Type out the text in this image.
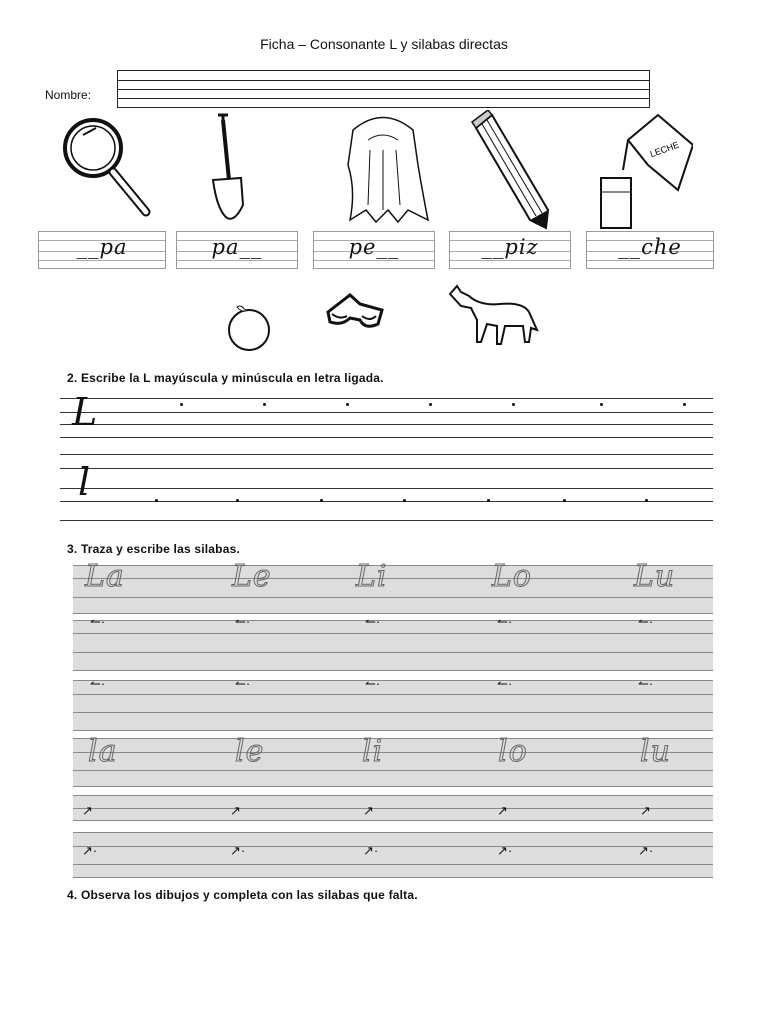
Ficha – Consonante L y silabas directas
Nombre:
LECHE
__pa	pa__	pe__	__piz	__che
2. Escribe la L mayúscula y minúscula en letra ligada.
L
l
3. Traza y escribe las silabas.
La	Le	Li	Lo	Lu
↼·	↼·	↼·	↼·	↼·
↼·	↼·	↼·	↼·	↼·
la	le	li	lo	lu
↗	↗	↗	↗	↗
↗·	↗·	↗·	↗·	↗·
4. Observa los dibujos y completa con las silabas que falta.
